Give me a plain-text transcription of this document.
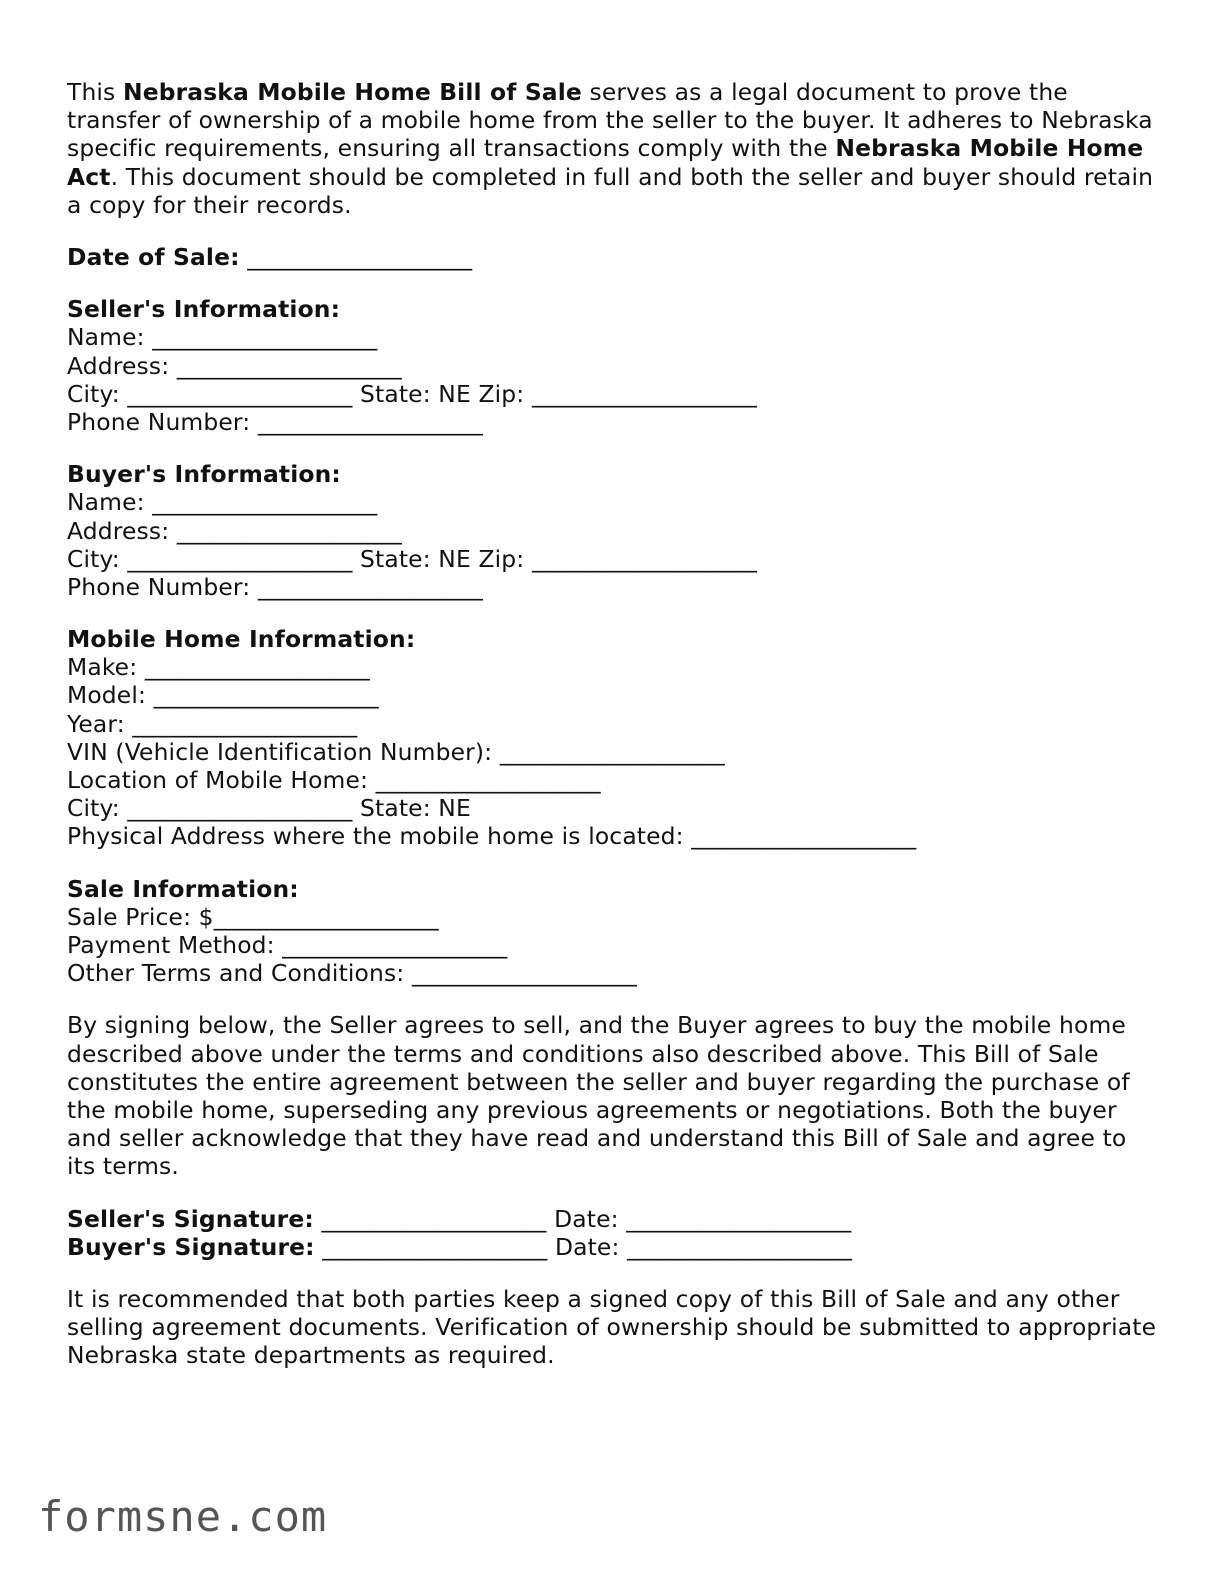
This Nebraska Mobile Home Bill of Sale serves as a legal document to prove the transfer of ownership of a mobile home from the seller to the buyer. It adheres to Nebraska specific requirements, ensuring all transactions comply with the Nebraska Mobile Home Act. This document should be completed in full and both the seller and buyer should retain a copy for their records.

Date of Sale: ___________________
Seller's Information:
Name: ___________________
Address: ___________________
City: ___________________ State: NE Zip: ___________________
Phone Number: ___________________
Buyer's Information:
Name: ___________________
Address: ___________________
City: ___________________ State: NE Zip: ___________________
Phone Number: ___________________
Mobile Home Information:
Make: ___________________
Model: ___________________
Year: ___________________
VIN (Vehicle Identification Number): ___________________
Location of Mobile Home: ___________________
City: ___________________ State: NE
Physical Address where the mobile home is located: ___________________
Sale Information:
Sale Price: $___________________
Payment Method: ___________________
Other Terms and Conditions: ___________________

By signing below, the Seller agrees to sell, and the Buyer agrees to buy the mobile home described above under the terms and conditions also described above. This Bill of Sale constitutes the entire agreement between the seller and buyer regarding the purchase of the mobile home, superseding any previous agreements or negotiations. Both the buyer and seller acknowledge that they have read and understand this Bill of Sale and agree to its terms.

Seller's Signature: ___________________ Date: ___________________
Buyer's Signature: ___________________ Date: ___________________

It is recommended that both parties keep a signed copy of this Bill of Sale and any other selling agreement documents. Verification of ownership should be submitted to appropriate Nebraska state departments as required.

formsne.com
